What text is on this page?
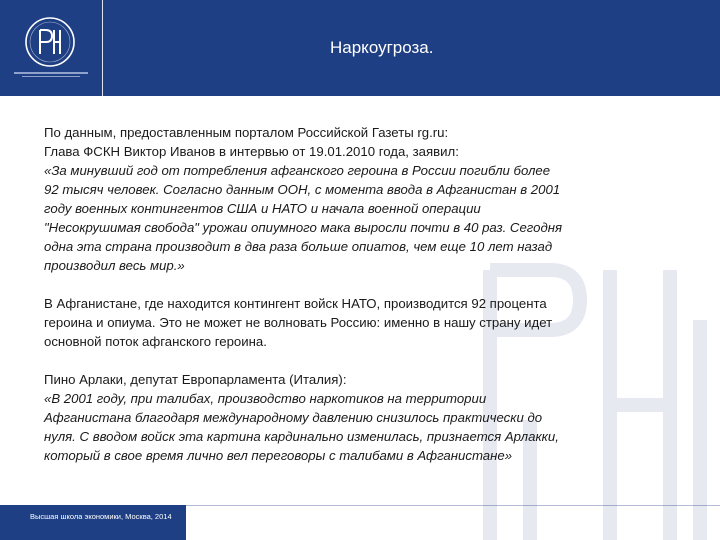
Наркоугроза.

По данным, предоставленным порталом Российской Газеты rg.ru:

Глава ФСКН Виктор Иванов в интервью от 19.01.2010 года, заявил:

«За минувший год от потребления афганского героина в России погибли более 92 тысяч человек. Согласно данным ООН, с момента ввода в Афганистан в 2001 году военных контингентов США и НАТО и начала военной операции "Несокрушимая свобода" урожаи опиумного мака выросли почти в 40 раз. Сегодня одна эта страна производит в два раза больше опиатов, чем еще 10 лет назад производил весь мир.»

В Афганистане, где находится контингент войск НАТО, производится 92 процента героина и опиума. Это не может не волновать Россию: именно в нашу страну идет основной поток афганского героина.

Пино Арлаки, депутат Европарламента (Италия):

«В 2001 году, при талибах, производство наркотиков на территории Афганистана благодаря международному давлению снизилось практически до нуля. С вводом войск эта картина кардинально изменилась, признается Арлакки, который в свое время лично вел переговоры с талибами в Афганистане»

Высшая школа экономики, Москва, 2014
